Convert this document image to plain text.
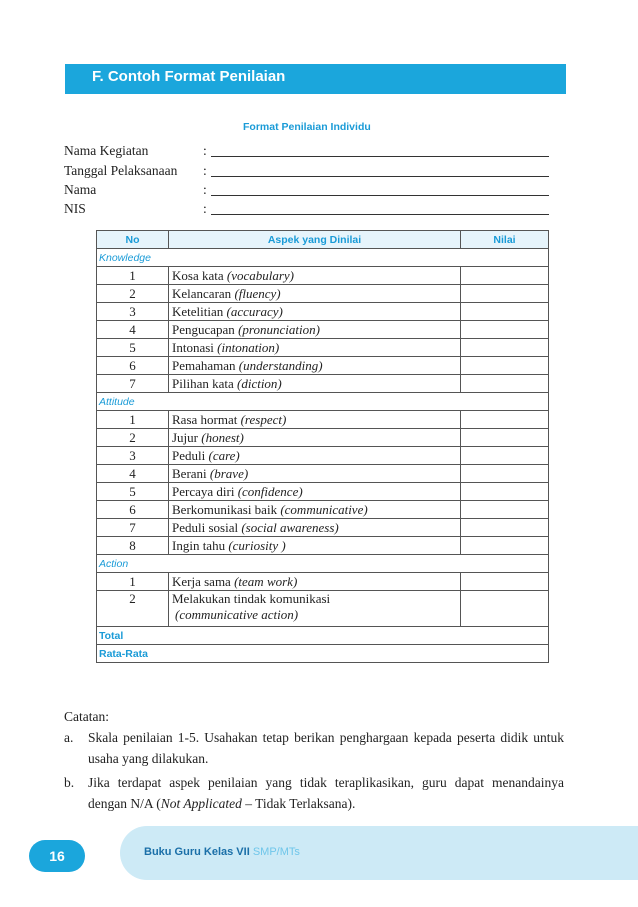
F. Contoh Format Penilaian
Format Penilaian Individu
Nama Kegiatan	:
Tanggal Pelaksanaan :
Nama	:
NIS	:
No	Aspek yang Dinilai	Nilai
Knowledge		
1	Kosa kata (vocabulary)	
2	Kelancaran (fluency)	
3	Ketelitian (accuracy)	
4	Pengucapan (pronunciation)	
5	Intonasi (intonation)	
6	Pemahaman (understanding)	
7	Pilihan kata (diction)	
Attitude		
1	Rasa hormat (respect)	
2	Jujur (honest)	
3	Peduli (care)	
4	Berani (brave)	
5	Percaya diri (confidence)	
6	Berkomunikasi baik (communicative)	
7	Peduli sosial (social awareness)	
8	Ingin tahu (curiosity )	
Action		
1	Kerja sama (team work)	
2	Melakukan tindak komunikasi
(communicative action)	
Total		
Rata-Rata		
Catatan:
a. Skala penilaian 1-5. Usahakan tetap berikan penghargaan kepada peserta didik untuk usaha yang dilakukan.
b. Jika terdapat aspek penilaian yang tidak teraplikasikan, guru dapat menandainya dengan N/A (Not Applicated – Tidak Terlaksana).
Buku Guru Kelas VII SMP/MTs
16
